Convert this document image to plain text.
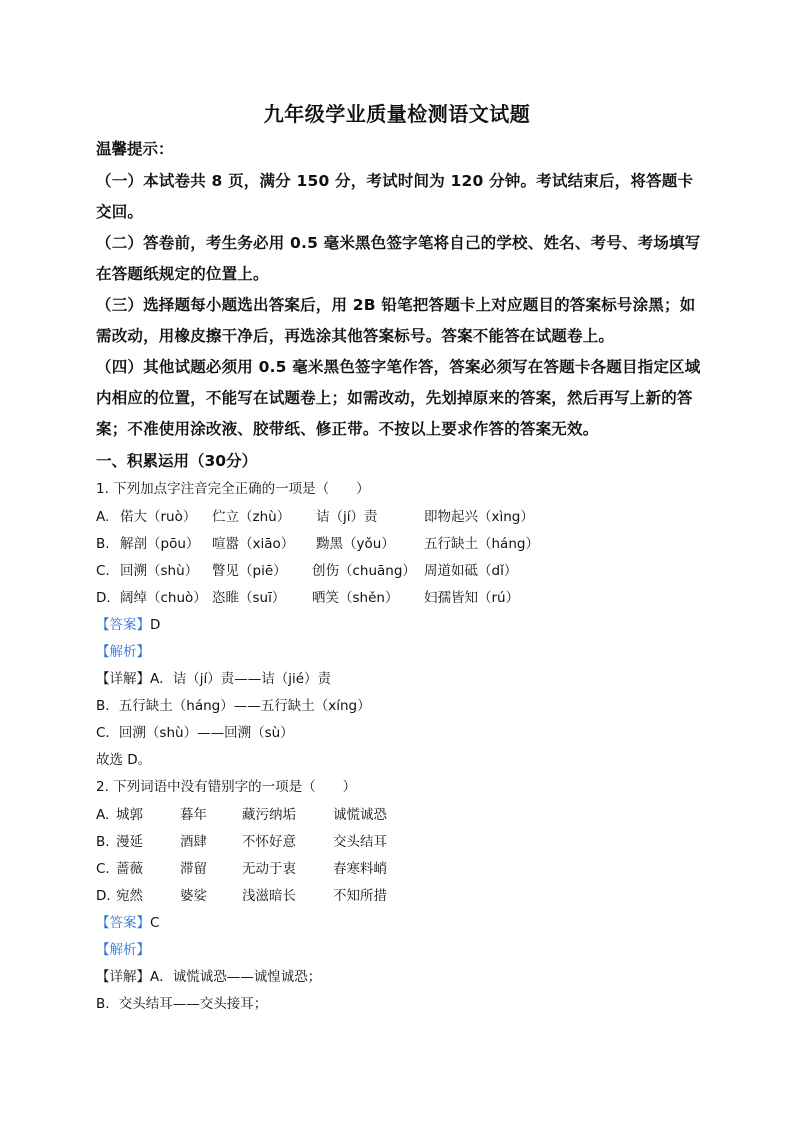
九年级学业质量检测语文试题
温馨提示：
（一）本试卷共 8 页，满分 150 分，考试时间为 120 分钟。考试结束后，将答题卡交回。
（二）答卷前，考生务必用 0.5 毫米黑色签字笔将自己的学校、姓名、考号、考场填写在答题纸规定的位置上。
（三）选择题每小题选出答案后，用 2B 铅笔把答题卡上对应题目的答案标号涂黑；如需改动，用橡皮擦干净后，再选涂其他答案标号。答案不能答在试题卷上。
（四）其他试题必须用 0.5 毫米黑色签字笔作答，答案必须写在答题卡各题目指定区域内相应的位置，不能写在试题卷上；如需改动，先划掉原来的答案，然后再写上新的答案；不准使用涂改液、胶带纸、修正带。不按以上要求作答的答案无效。
一、积累运用（30分）
1. 下列加点字注音完全正确的一项是（　　）
A. 偌大（ruò） 伫立（zhù） 诘（jí）责	即物起兴（xìng）
B. 解剖（pōu） 喧嚣（xiāo） 黝黑（yǒu） 五行缺土（háng）
C. 回溯（shù） 瞥见（piē） 创伤（chuāng） 周道如砥（dǐ）
D. 阔绰（chuò） 恣睢（suī） 哂笑（shěn） 妇孺皆知（rú）
【答案】D
【解析】
【详解】A．诘（jí）责——诘（jié）责
B．五行缺土（háng）——五行缺土（xíng）
C．回溯（shù）——回溯（sù）
故选 D。
2. 下列词语中没有错别字的一项是（　　）
A. 城郭	暮年	藏污纳垢	诚慌诚恐
B. 漫延	酒肆	不怀好意	交头结耳
C. 蔷薇	滞留	无动于衷	春寒料峭
D. 宛然	婆娑	浅滋暗长	不知所措
【答案】C
【解析】
【详解】A．诚慌诚恐——诚惶诚恐；
B．交头结耳——交头接耳；
